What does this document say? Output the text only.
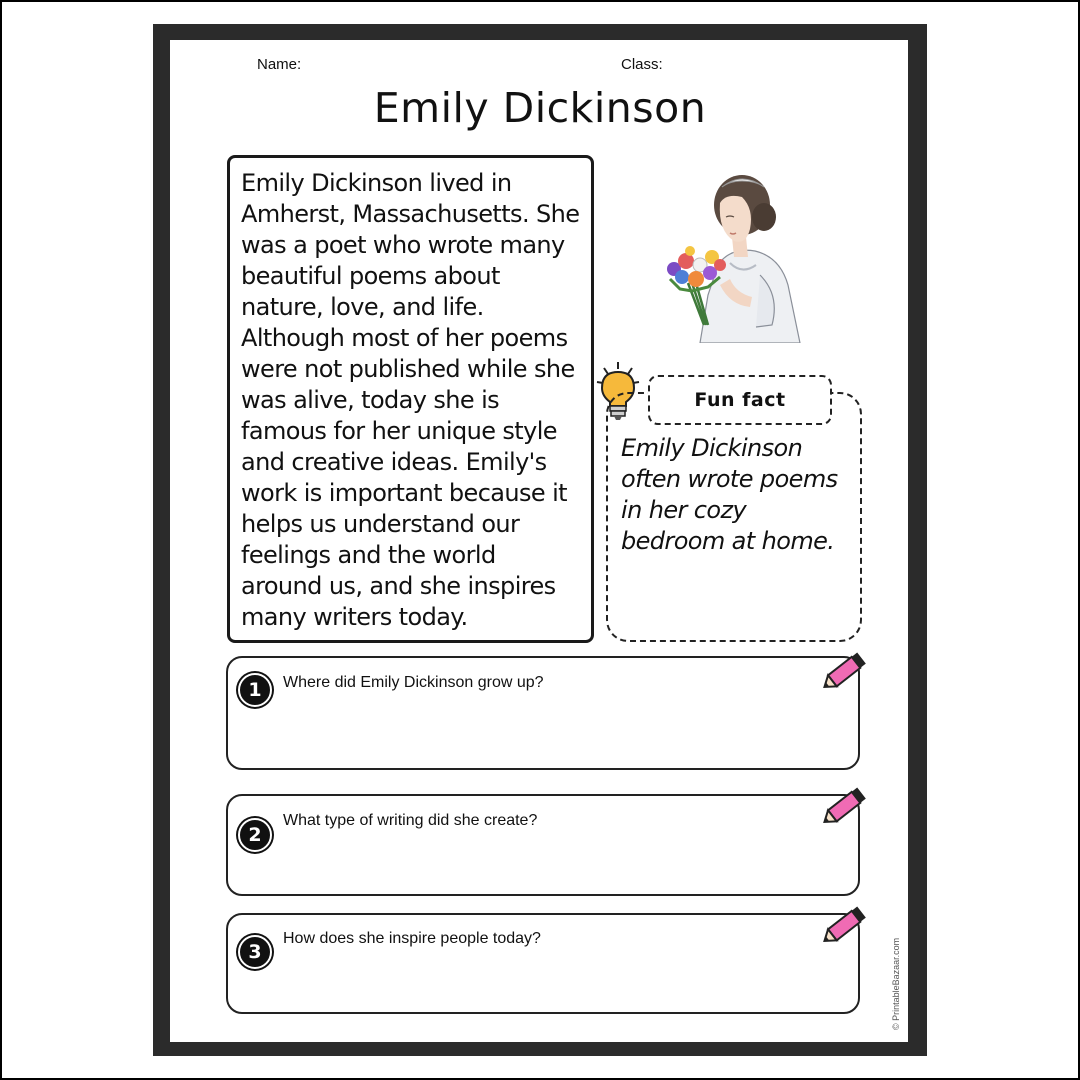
Name:	Class:
Emily Dickinson
Emily Dickinson lived in
Amherst, Massachusetts. She
was a poet who wrote many
beautiful poems about
nature, love, and life.
Although most of her poems
were not published while she
was alive, today she is
famous for her unique style
and creative ideas. Emily's
work is important because it
helps us understand our
feelings and the world
around us, and she inspires
many writers today.
Fun fact
Emily Dickinson
often wrote poems
in her cozy
bedroom at home.
1	Where did Emily Dickinson grow up?
2
What type of writing did she create?
3
How does she inspire people today?	© PrintableBazaar.com
